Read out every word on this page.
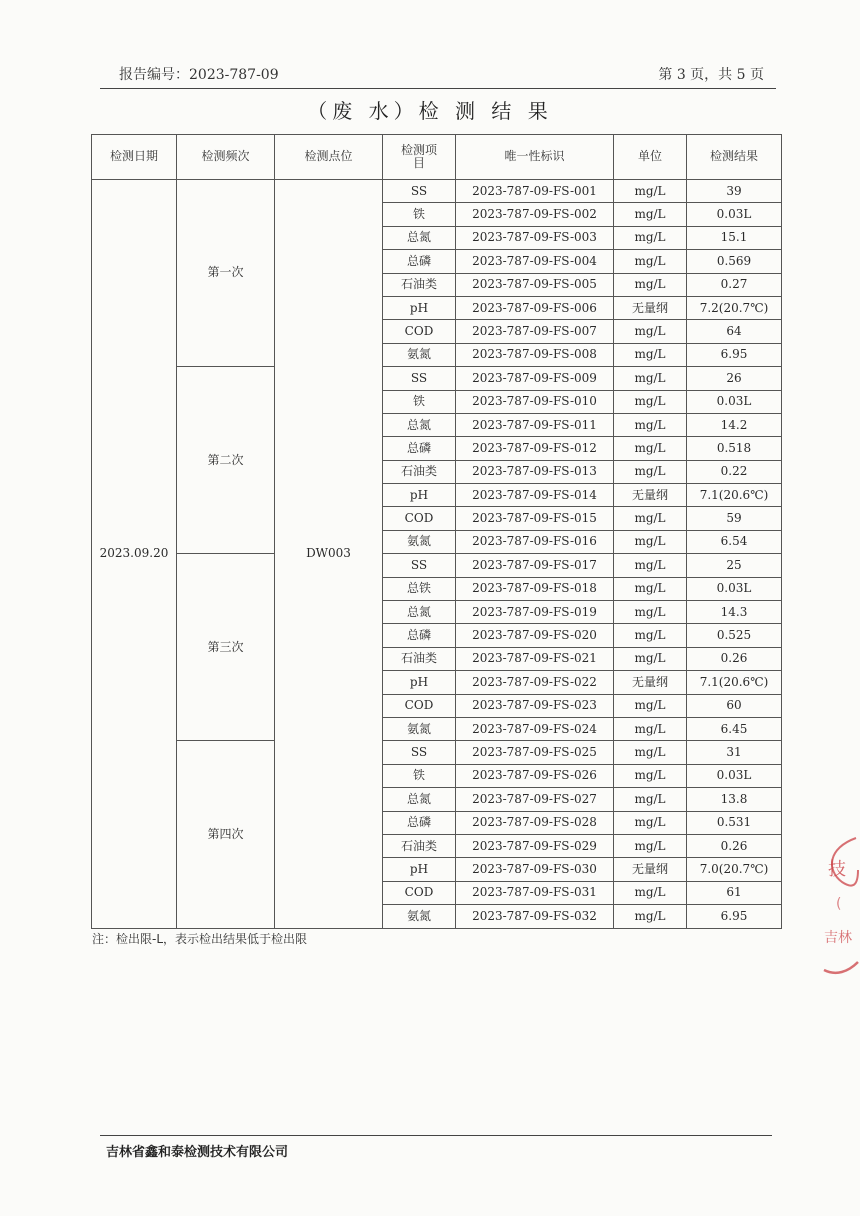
报告编号：2023-787-09	第 3 页，共 5 页
（废 水）检 测 结 果
检测日期	检测频次	检测点位	检测项目	唯一性标识	单位	检测结果
2023.09.20	第一次	DW003	SS	2023-787-09-FS-001	mg/L	39
			铁	2023-787-09-FS-002	mg/L	0.03L
			总氮	2023-787-09-FS-003	mg/L	15.1
			总磷	2023-787-09-FS-004	mg/L	0.569
			石油类	2023-787-09-FS-005	mg/L	0.27
			pH	2023-787-09-FS-006	无量纲	7.2(20.7℃)
			COD	2023-787-09-FS-007	mg/L	64
			氨氮	2023-787-09-FS-008	mg/L	6.95
	第二次		SS	2023-787-09-FS-009	mg/L	26
			铁	2023-787-09-FS-010	mg/L	0.03L
			总氮	2023-787-09-FS-011	mg/L	14.2
			总磷	2023-787-09-FS-012	mg/L	0.518
			石油类	2023-787-09-FS-013	mg/L	0.22
			pH	2023-787-09-FS-014	无量纲	7.1(20.6℃)
			COD	2023-787-09-FS-015	mg/L	59
			氨氮	2023-787-09-FS-016	mg/L	6.54
	第三次		SS	2023-787-09-FS-017	mg/L	25
			总铁	2023-787-09-FS-018	mg/L	0.03L
			总氮	2023-787-09-FS-019	mg/L	14.3
			总磷	2023-787-09-FS-020	mg/L	0.525
			石油类	2023-787-09-FS-021	mg/L	0.26
			pH	2023-787-09-FS-022	无量纲	7.1(20.6℃)
			COD	2023-787-09-FS-023	mg/L	60
			氨氮	2023-787-09-FS-024	mg/L	6.45
	第四次		SS	2023-787-09-FS-025	mg/L	31
			铁	2023-787-09-FS-026	mg/L	0.03L
			总氮	2023-787-09-FS-027	mg/L	13.8
			总磷	2023-787-09-FS-028	mg/L	0.531
			石油类	2023-787-09-FS-029	mg/L	0.26
			pH	2023-787-09-FS-030	无量纲	7.0(20.7℃)
			COD	2023-787-09-FS-031	mg/L	61
			氨氮	2023-787-09-FS-032	mg/L	6.95
注：检出限-L，表示检出结果低于检出限
吉林省鑫和泰检测技术有限公司
技
(
吉林
